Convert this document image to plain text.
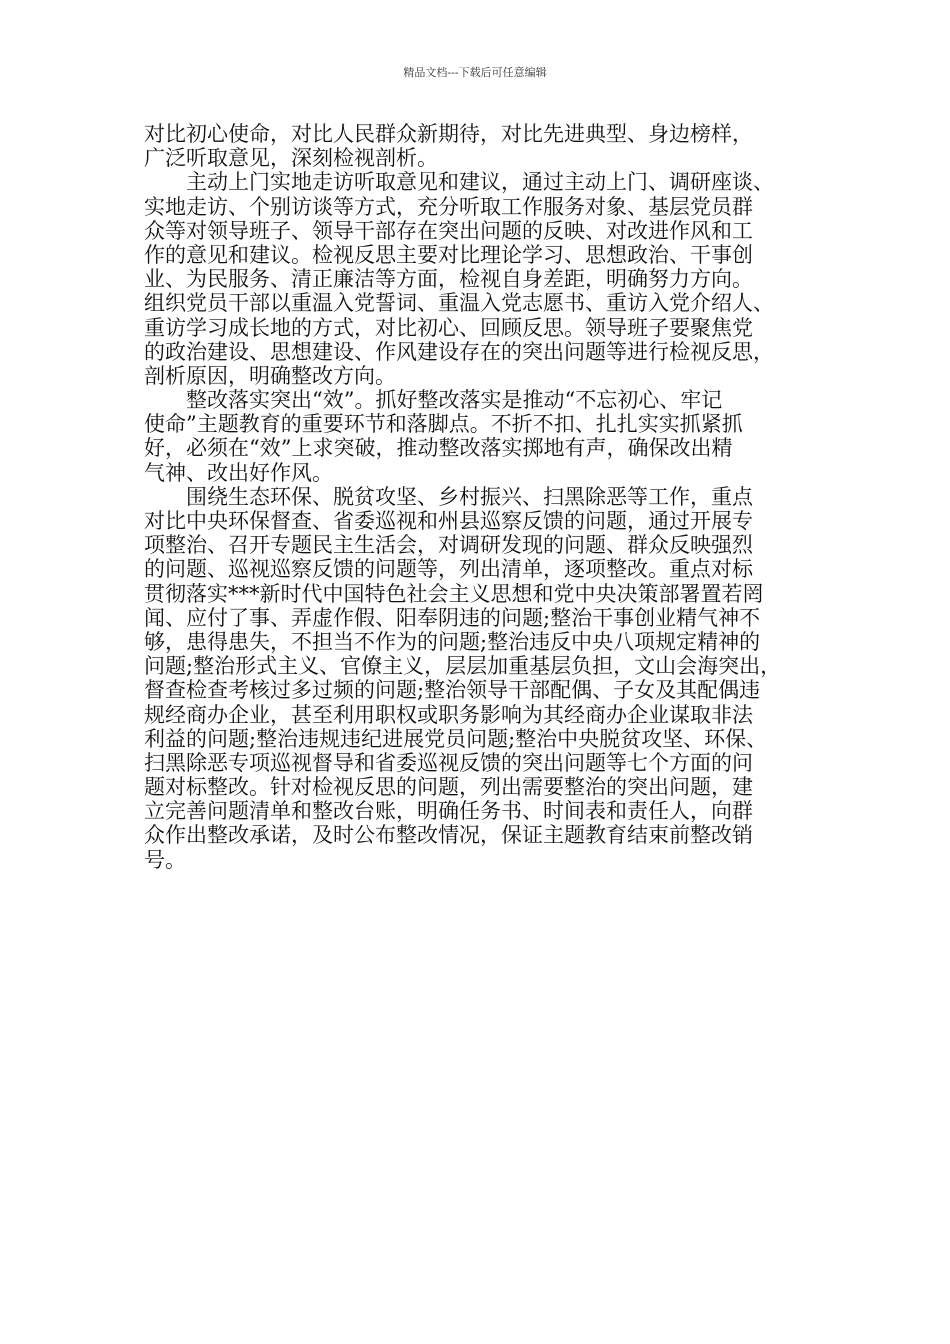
精品文档---下载后可任意编辑
对比初心使命，对比人民群众新期待，对比先进典型、身边榜样，
广泛听取意见，深刻检视剖析。
主动上门实地走访听取意见和建议，通过主动上门、调研座谈、
实地走访、个别访谈等方式，充分听取工作服务对象、基层党员群
众等对领导班子、领导干部存在突出问题的反映、对改进作风和工
作的意见和建议。检视反思主要对比理论学习、思想政治、干事创
业、为民服务、清正廉洁等方面，检视自身差距，明确努力方向。
组织党员干部以重温入党誓词、重温入党志愿书、重访入党介绍人、
重访学习成长地的方式，对比初心、回顾反思。领导班子要聚焦党
的政治建设、思想建设、作风建设存在的突出问题等进行检视反思，
剖析原因，明确整改方向。
整改落实突出“效”。抓好整改落实是推动“不忘初心、牢记
使命”主题教育的重要环节和落脚点。不折不扣、扎扎实实抓紧抓
好，必须在“效”上求突破，推动整改落实掷地有声，确保改出精
气神、改出好作风。
围绕生态环保、脱贫攻坚、乡村振兴、扫黑除恶等工作，重点
对比中央环保督查、省委巡视和州县巡察反馈的问题，通过开展专
项整治、召开专题民主生活会，对调研发现的问题、群众反映强烈
的问题、巡视巡察反馈的问题等，列出清单，逐项整改。重点对标
贯彻落实***新时代中国特色社会主义思想和党中央决策部署置若罔
闻、应付了事、弄虚作假、阳奉阴违的问题;整治干事创业精气神不
够，患得患失，不担当不作为的问题;整治违反中央八项规定精神的
问题;整治形式主义、官僚主义，层层加重基层负担，文山会海突出，
督查检查考核过多过频的问题;整治领导干部配偶、子女及其配偶违
规经商办企业，甚至利用职权或职务影响为其经商办企业谋取非法
利益的问题;整治违规违纪进展党员问题;整治中央脱贫攻坚、环保、
扫黑除恶专项巡视督导和省委巡视反馈的突出问题等七个方面的问
题对标整改。针对检视反思的问题，列出需要整治的突出问题，建
立完善问题清单和整改台账，明确任务书、时间表和责任人，向群
众作出整改承诺，及时公布整改情况，保证主题教育结束前整改销
号。
